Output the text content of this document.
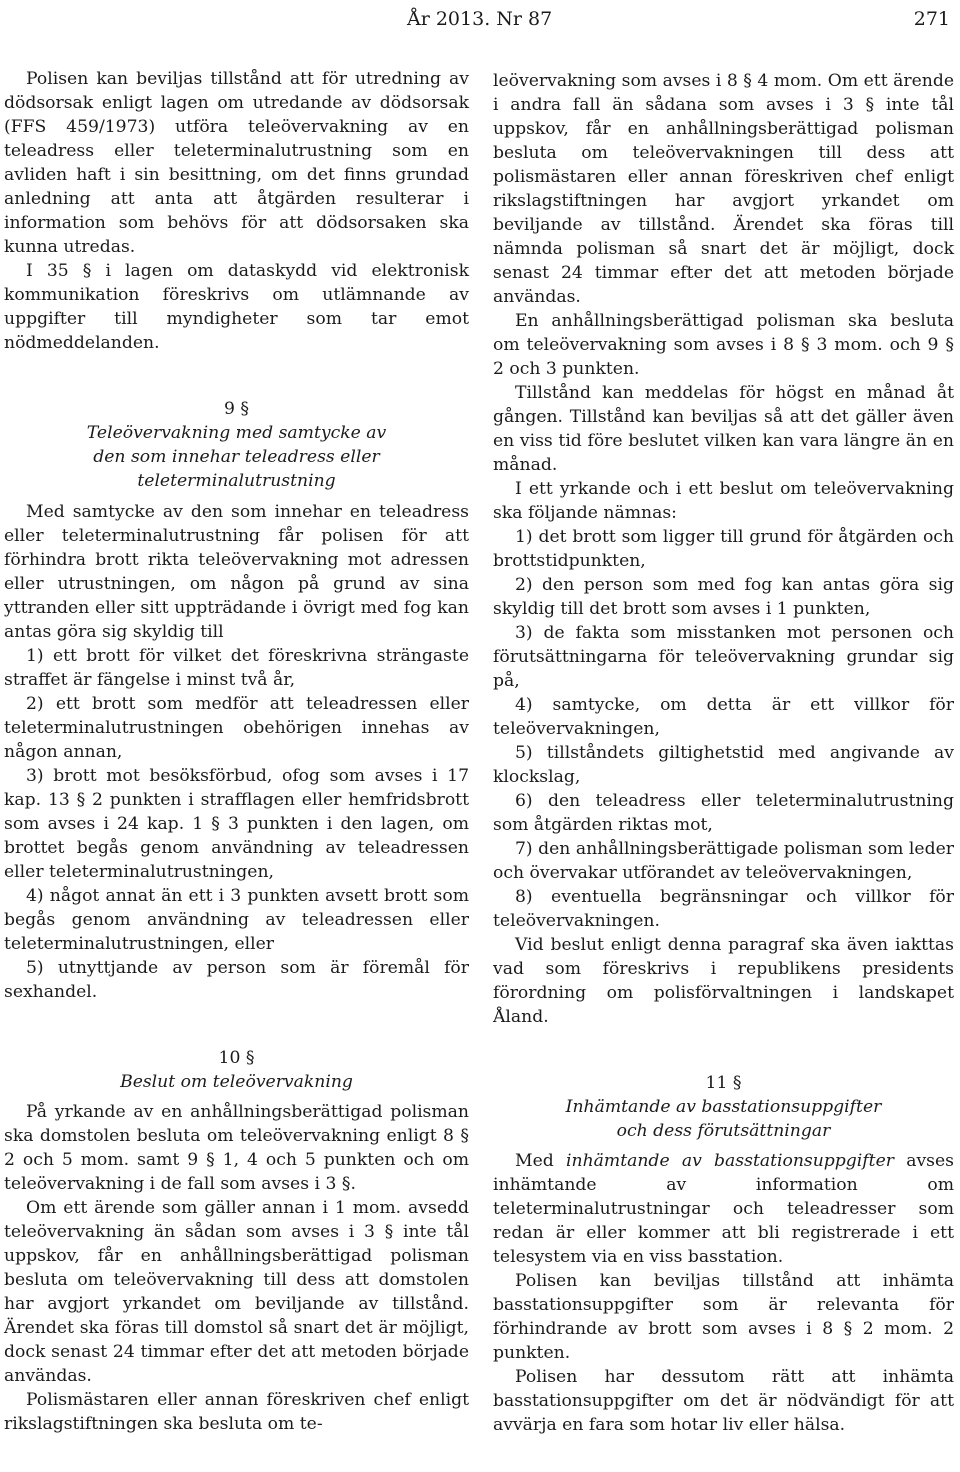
År 2013. Nr 87	271

Polisen kan beviljas tillstånd att för utredning av dödsorsak enligt lagen om utredande av dödsorsak (FFS 459/1973) utföra teleövervakning av en teleadress eller teleterminalutrustning som en avliden haft i sin besittning, om det finns grundad anledning att anta att åtgärden resulterar i information som behövs för att dödsorsaken ska kunna utredas.

I 35 § i lagen om dataskydd vid elektronisk kommunikation föreskrivs om utlämnande av uppgifter till myndigheter som tar emot nödmeddelanden.

9 §
Teleövervakning med samtycke av
den som innehar teleadress eller
teleterminalutrustning

Med samtycke av den som innehar en teleadress eller teleterminalutrustning får polisen för att förhindra brott rikta teleövervakning mot adressen eller utrustningen, om någon på grund av sina yttranden eller sitt uppträdande i övrigt med fog kan antas göra sig skyldig till

1) ett brott för vilket det föreskrivna strängaste straffet är fängelse i minst två år,

2) ett brott som medför att teleadressen eller teleterminalutrustningen obehörigen innehas av någon annan,

3) brott mot besöksförbud, ofog som avses i 17 kap. 13 § 2 punkten i strafflagen eller hemfridsbrott som avses i 24 kap. 1 § 3 punkten i den lagen, om brottet begås genom användning av teleadressen eller teleterminalutrustningen,

4) något annat än ett i 3 punkten avsett brott som begås genom användning av teleadressen eller teleterminalutrustningen, eller

5) utnyttjande av person som är föremål för sexhandel.

10 §
Beslut om teleövervakning

På yrkande av en anhållningsberättigad polisman ska domstolen besluta om teleövervakning enligt 8 § 2 och 5 mom. samt 9 § 1, 4 och 5 punkten och om teleövervakning i de fall som avses i 3 §.

Om ett ärende som gäller annan i 1 mom. avsedd teleövervakning än sådan som avses i 3 § inte tål uppskov, får en anhållningsberättigad polisman besluta om teleövervakning till dess att domstolen har avgjort yrkandet om beviljande av tillstånd. Ärendet ska föras till domstol så snart det är möjligt, dock senast 24 timmar efter det att metoden började användas.

Polismästaren eller annan föreskriven chef enligt rikslagstiftningen ska besluta om te-

leövervakning som avses i 8 § 4 mom. Om ett ärende i andra fall än sådana som avses i 3 § inte tål uppskov, får en anhållningsberättigad polisman besluta om teleövervakningen till dess att polismästaren eller annan föreskriven chef enligt rikslagstiftningen har avgjort yrkandet om beviljande av tillstånd. Ärendet ska föras till nämnda polisman så snart det är möjligt, dock senast 24 timmar efter det att metoden började användas.

En anhållningsberättigad polisman ska besluta om teleövervakning som avses i 8 § 3 mom. och 9 § 2 och 3 punkten.

Tillstånd kan meddelas för högst en månad åt gången. Tillstånd kan beviljas så att det gäller även en viss tid före beslutet vilken kan vara längre än en månad.

I ett yrkande och i ett beslut om teleövervakning ska följande nämnas:

1) det brott som ligger till grund för åtgärden och brottstidpunkten,

2) den person som med fog kan antas göra sig skyldig till det brott som avses i 1 punkten,

3) de fakta som misstanken mot personen och förutsättningarna för teleövervakning grundar sig på,

4) samtycke, om detta är ett villkor för teleövervakningen,

5) tillståndets giltighetstid med angivande av klockslag,

6) den teleadress eller teleterminalutrustning som åtgärden riktas mot,

7) den anhållningsberättigade polisman som leder och övervakar utförandet av teleövervakningen,

8) eventuella begränsningar och villkor för teleövervakningen.

Vid beslut enligt denna paragraf ska även iakttas vad som föreskrivs i republikens presidents förordning om polisförvaltningen i landskapet Åland.

11 §
Inhämtande av basstationsuppgifter
och dess förutsättningar

Med inhämtande av basstationsuppgifter avses inhämtande av information om teleterminalutrustningar och teleadresser som redan är eller kommer att bli registrerade i ett telesystem via en viss basstation.

Polisen kan beviljas tillstånd att inhämta basstationsuppgifter som är relevanta för förhindrande av brott som avses i 8 § 2 mom. 2 punkten.

Polisen har dessutom rätt att inhämta basstationsuppgifter om det är nödvändigt för att avvärja en fara som hotar liv eller hälsa.
